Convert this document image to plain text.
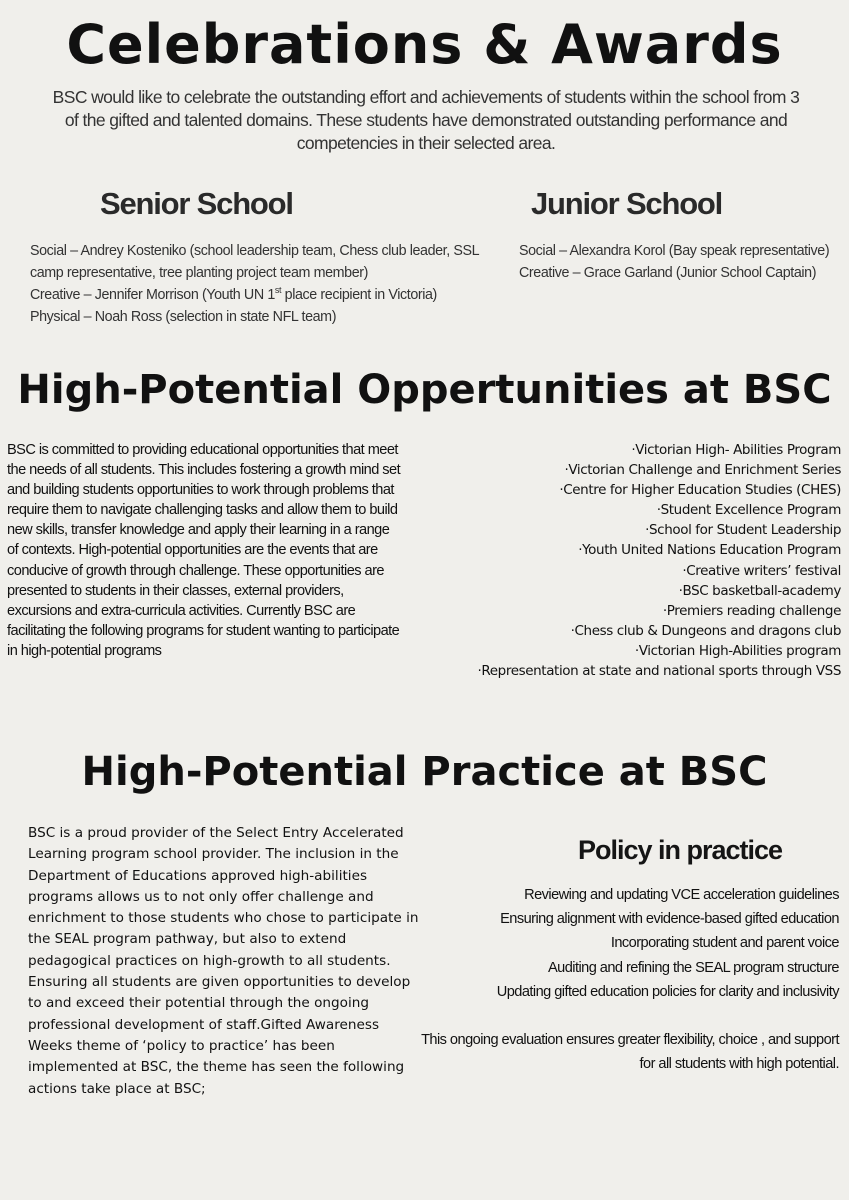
Celebrations & Awards

BSC would like to celebrate the outstanding effort and achievements of students within the school from 3 of the gifted and talented domains. These students have demonstrated outstanding performance and competencies in their selected area.

Senior School
Social – Andrey Kosteniko (school leadership team, Chess club leader, SSL camp representative, tree planting project team member)
Creative – Jennifer Morrison (Youth UN 1st place recipient in Victoria)
Physical – Noah Ross (selection in state NFL team)
Junior School
Social – Alexandra Korol (Bay speak representative)
Creative – Grace Garland (Junior School Captain)
High-Potential Oppertunities at BSC

BSC is committed to providing educational opportunities that meet the needs of all students. This includes fostering a growth mind set and building students opportunities to work through problems that require them to navigate challenging tasks and allow them to build new skills, transfer knowledge and apply their learning in a range of contexts. High-potential opportunities are the events that are conducive of growth through challenge. These opportunities are presented to students in their classes, external providers, excursions and extra-curricula activities. Currently BSC are facilitating the following programs for student wanting to participate in high-potential programs

·Victorian High- Abilities Program
·Victorian Challenge and Enrichment Series
·Centre for Higher Education Studies (CHES)
·Student Excellence Program
·School for Student Leadership
·Youth United Nations Education Program
·Creative writers’ festival
·BSC basketball-academy
·Premiers reading challenge
·Chess club & Dungeons and dragons club
·Victorian High-Abilities program
·Representation at state and national sports through VSS
High-Potential Practice at BSC

BSC is a proud provider of the Select Entry Accelerated Learning program school provider. The inclusion in the Department of Educations approved high-abilities programs allows us to not only offer challenge and enrichment to those students who chose to participate in the SEAL program pathway, but also to extend pedagogical practices on high-growth to all students. Ensuring all students are given opportunities to develop to and exceed their potential through the ongoing professional development of staff.Gifted Awareness Weeks theme of ‘policy to practice’ has been implemented at BSC, the theme has seen the following actions take place at BSC;

Policy in practice
Reviewing and updating VCE acceleration guidelines
Ensuring alignment with evidence-based gifted education
Incorporating student and parent voice
Auditing and refining the SEAL program structure
Updating gifted education policies for clarity and inclusivity

This ongoing evaluation ensures greater flexibility, choice , and support for all students with high potential.
